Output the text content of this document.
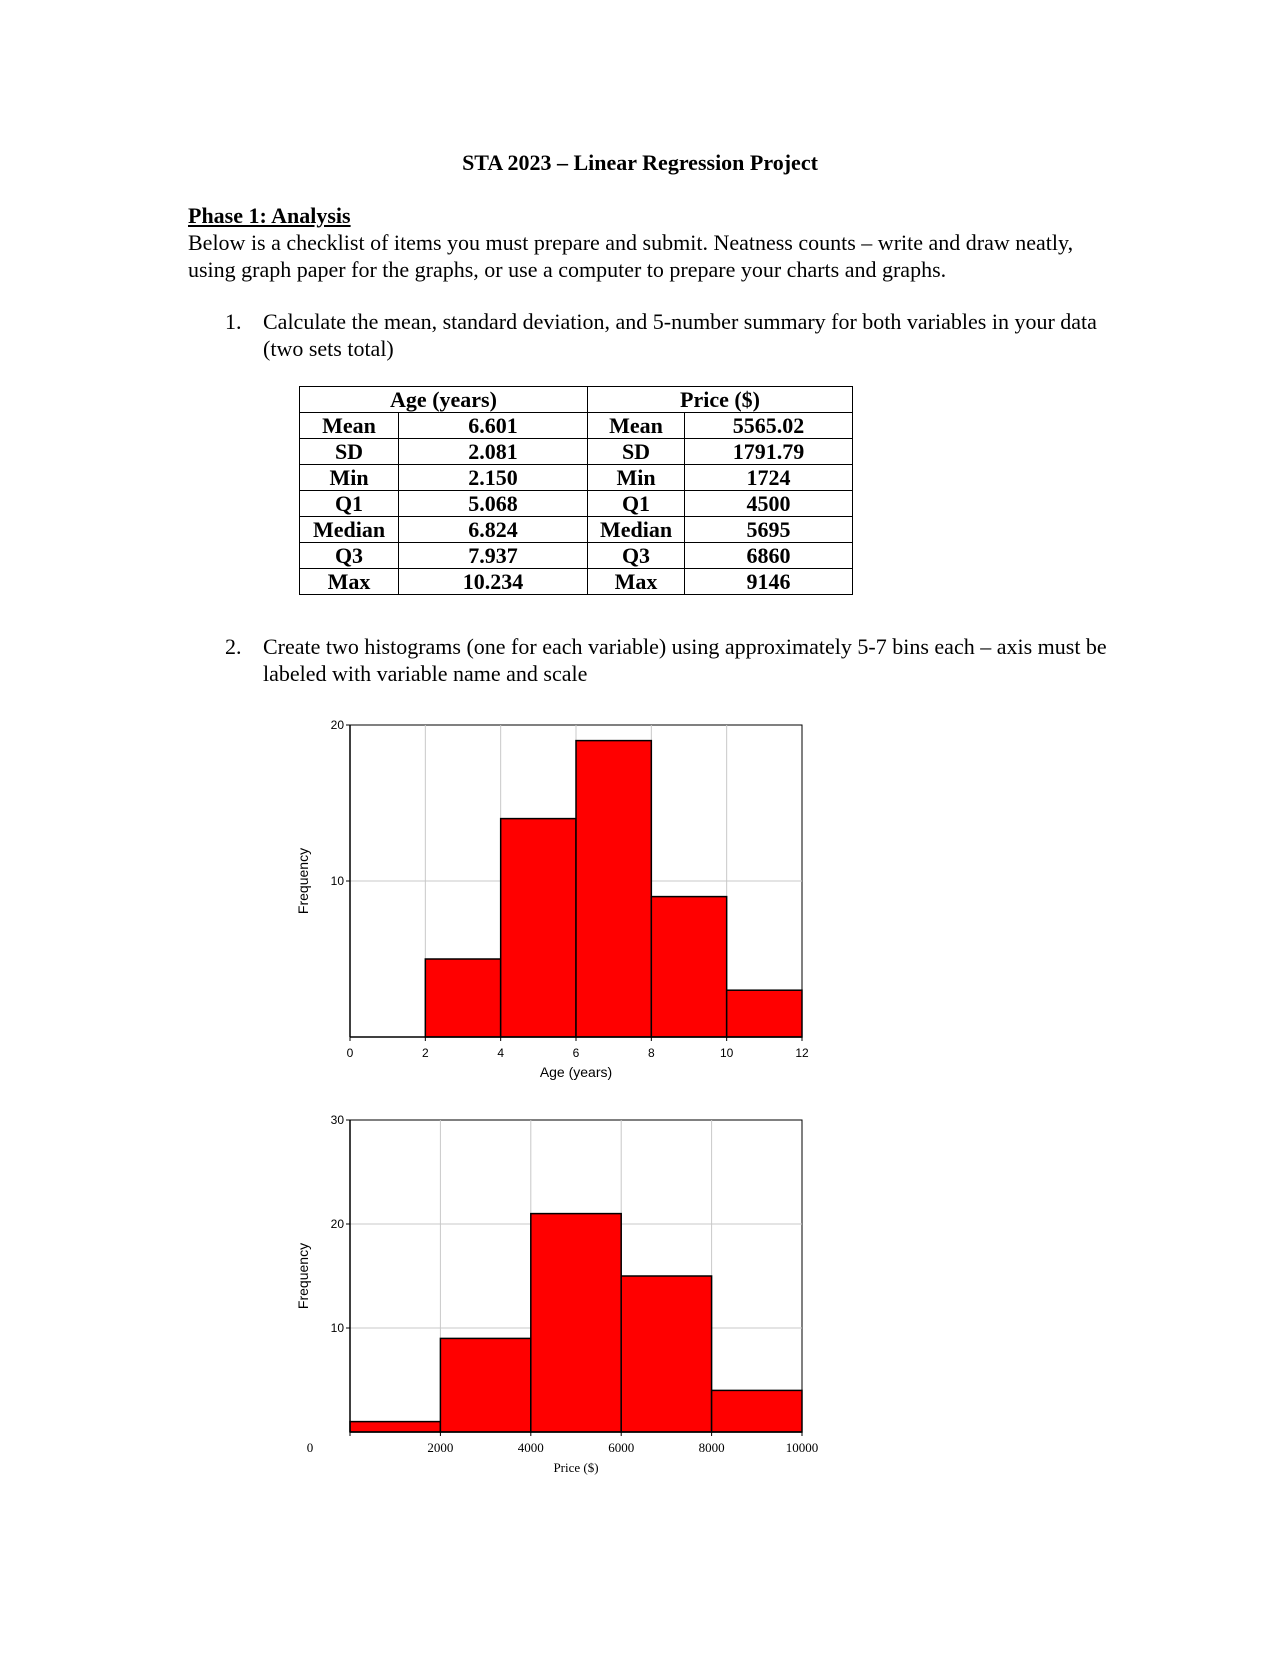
STA 2023 – Linear Regression Project
Phase 1: Analysis
Below is a checklist of items you must prepare and submit. Neatness counts – write and draw neatly, using graph paper for the graphs, or use a computer to prepare your charts and graphs.
1. Calculate the mean, standard deviation, and 5-number summary for both variables in your data (two sets total)
Age (years)		Price ($)	
Mean	6.601	Mean	5565.02
SD	2.081	SD	1791.79
Min	2.150	Min	1724
Q1	5.068	Q1	4500
Median	6.824	Median	5695
Q3	7.937	Q3	6860
Max	10.234	Max	9146
2. Create two histograms (one for each variable) using approximately 5-7 bins each – axis must be labeled with variable name and scale
0	2	4	6	8	10	12
10
20
Age (years)
Frequency
0	2000	4000	6000	8000	10000
10
20
30
Price ($)
Frequency
